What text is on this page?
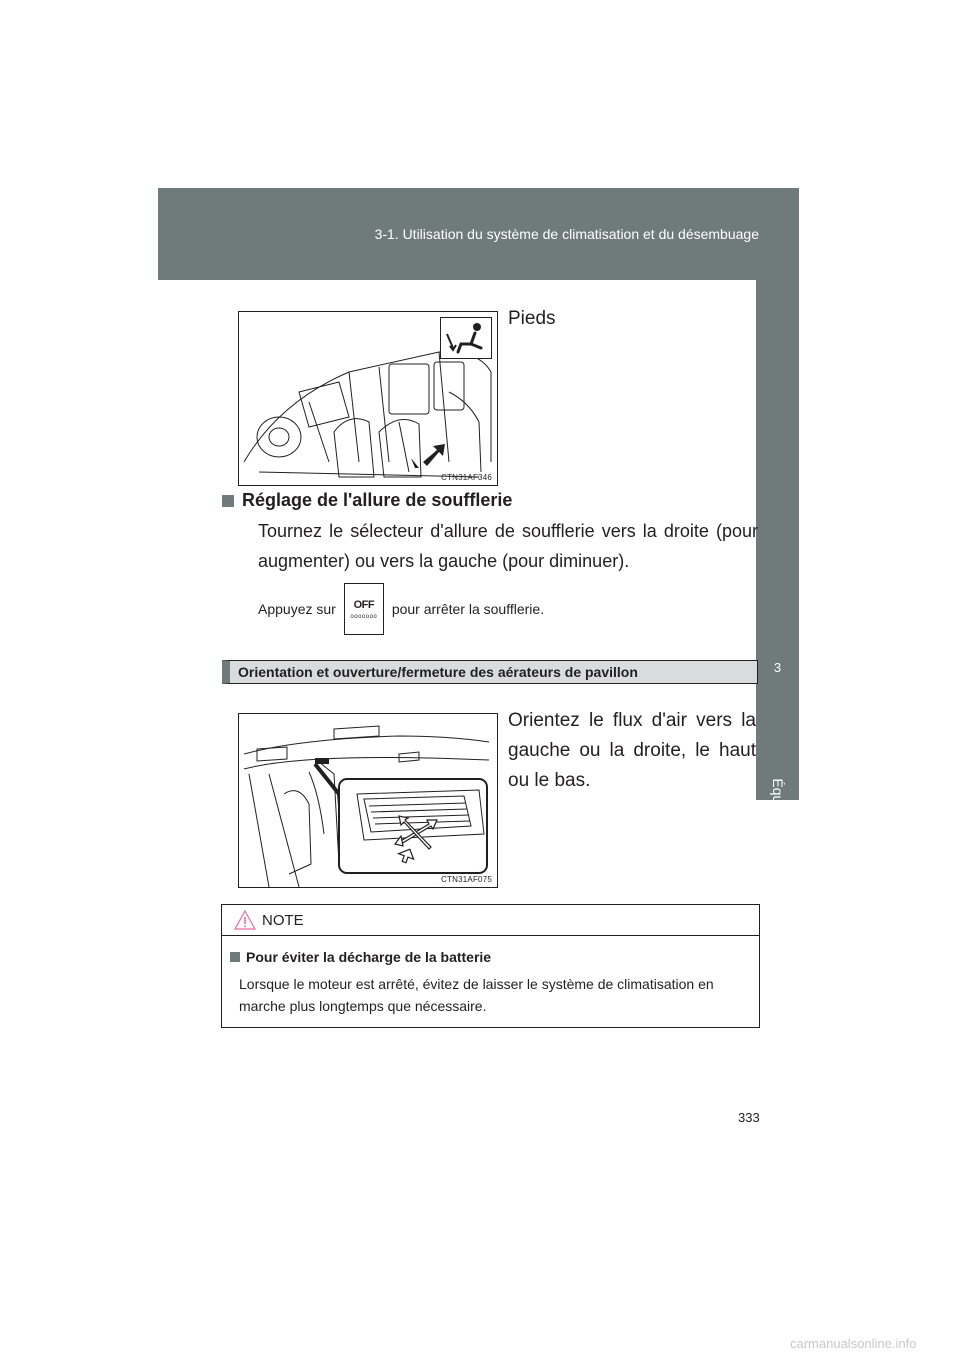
3-1. Utilisation du système de climatisation et du désembuage
3
Équipements intérieurs
CTN31AF346
Pieds
Réglage de l'allure de soufflerie
Tournez le sélecteur d'allure de soufflerie vers la droite (pour augmenter) ou vers la gauche (pour diminuer).
Appuyez sur OFF
ooooooo pour arrêter la soufflerie.
Orientation et ouverture/fermeture des aérateurs de pavillon
CTN31AF075
Orientez le flux d'air vers la gauche ou la droite, le haut ou le bas.
NOTE
Pour éviter la décharge de la batterie
Lorsque le moteur est arrêté, évitez de laisser le système de climatisation en marche plus longtemps que nécessaire.
333
carmanualsonline.info
